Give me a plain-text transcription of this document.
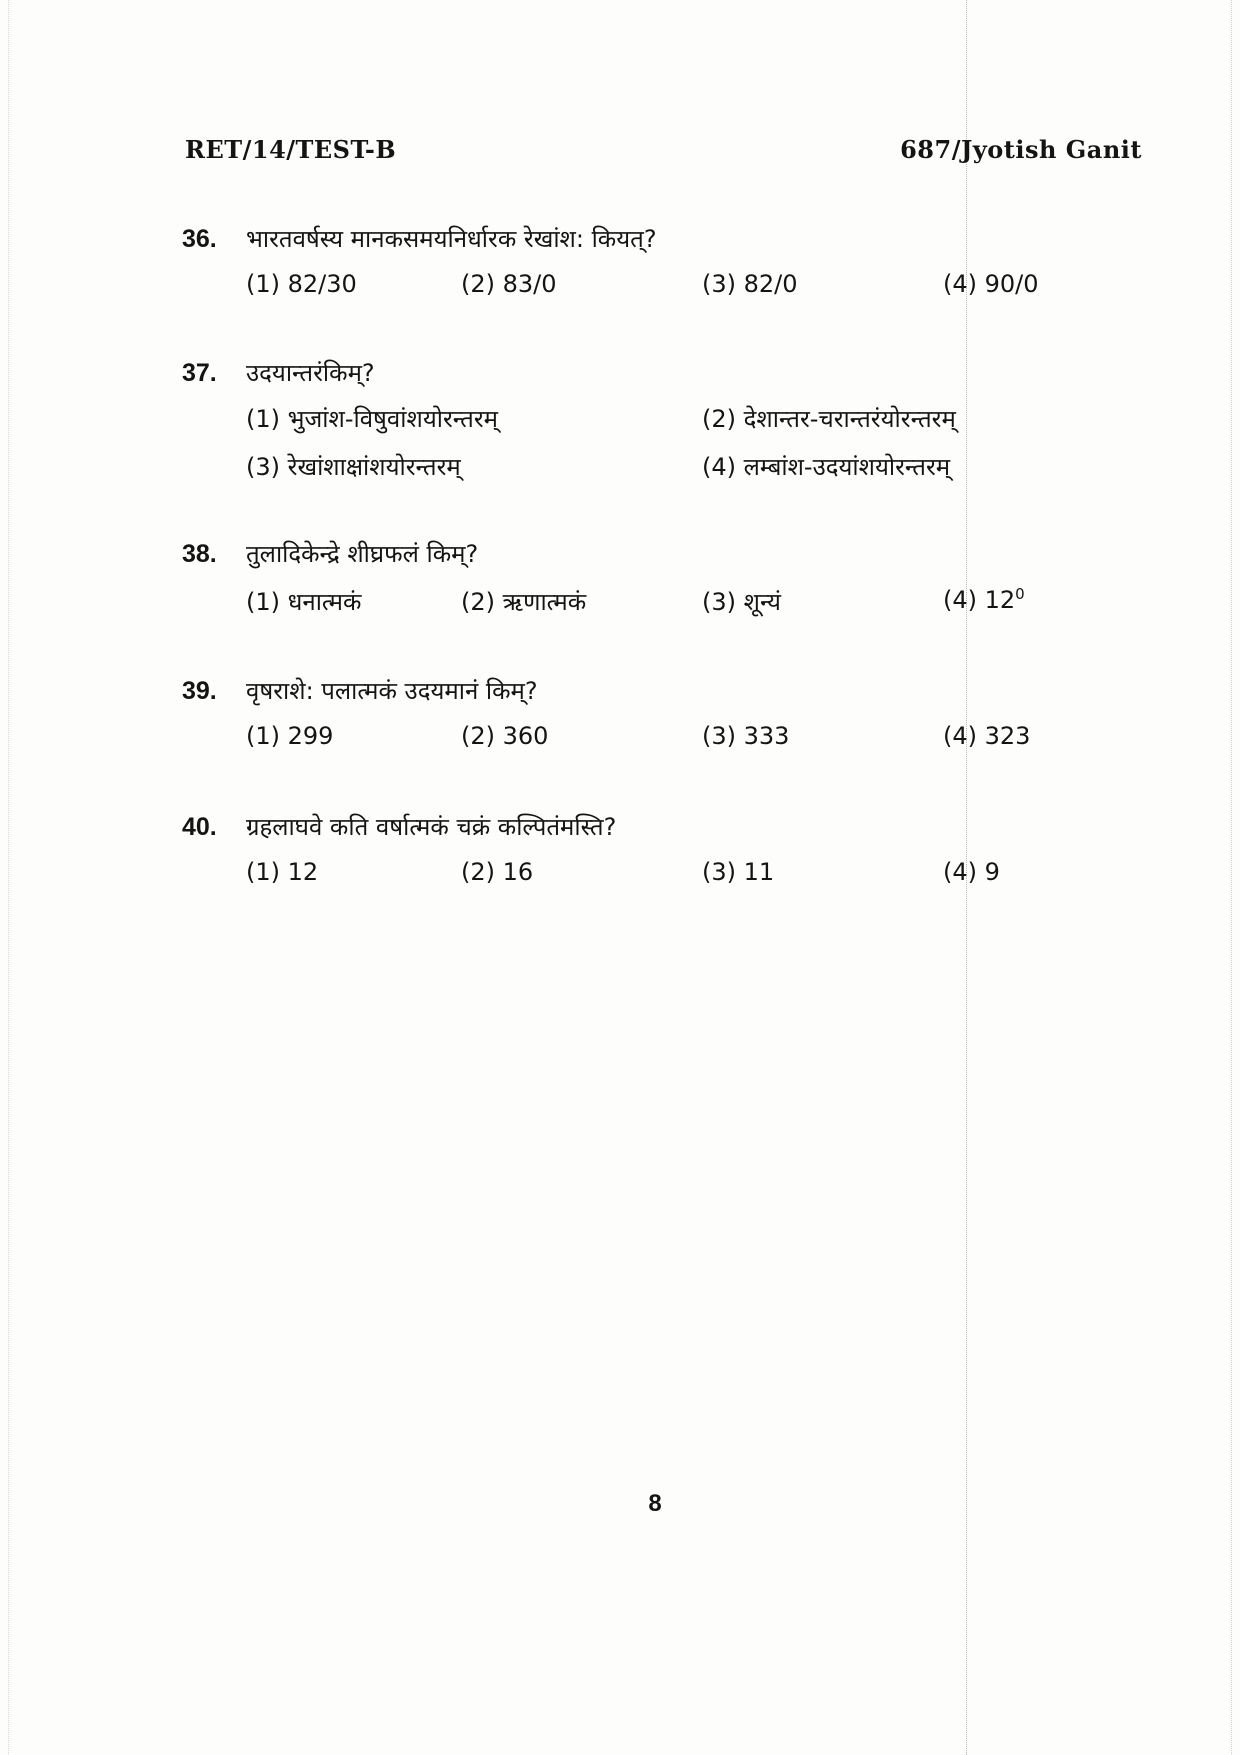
RET/14/TEST-B	687/Jyotish Ganit
36.	भारतवर्षस्य मानकसमयनिर्धारक रेखांश: कियत्?
(1) 82/30	(2) 83/0	(3) 82/0	(4) 90/0
37.	उदयान्तरंकिम्?
(1) भुजांश-विषुवांशयोरन्तरम्	(2) देशान्तर-चरान्तरंयोरन्तरम्
(3) रेखांशाक्षांशयोरन्तरम्	(4) लम्बांश-उदयांशयोरन्तरम्
38.	तुलादिकेन्द्रे शीघ्रफलं किम्?
(1) धनात्मकं	(2) ऋणात्मकं	(3) शून्यं	(4) $12^0$
39.	वृषराशे: पलात्मकं उदयमानं किम्?
(1) 299	(2) 360	(3) 333	(4) 323
40.	ग्रहलाघवे कति वर्षात्मकं चक्रं कल्पितंमस्ति?
(1) 12	(2) 16	(3) 11	(4) 9
8
